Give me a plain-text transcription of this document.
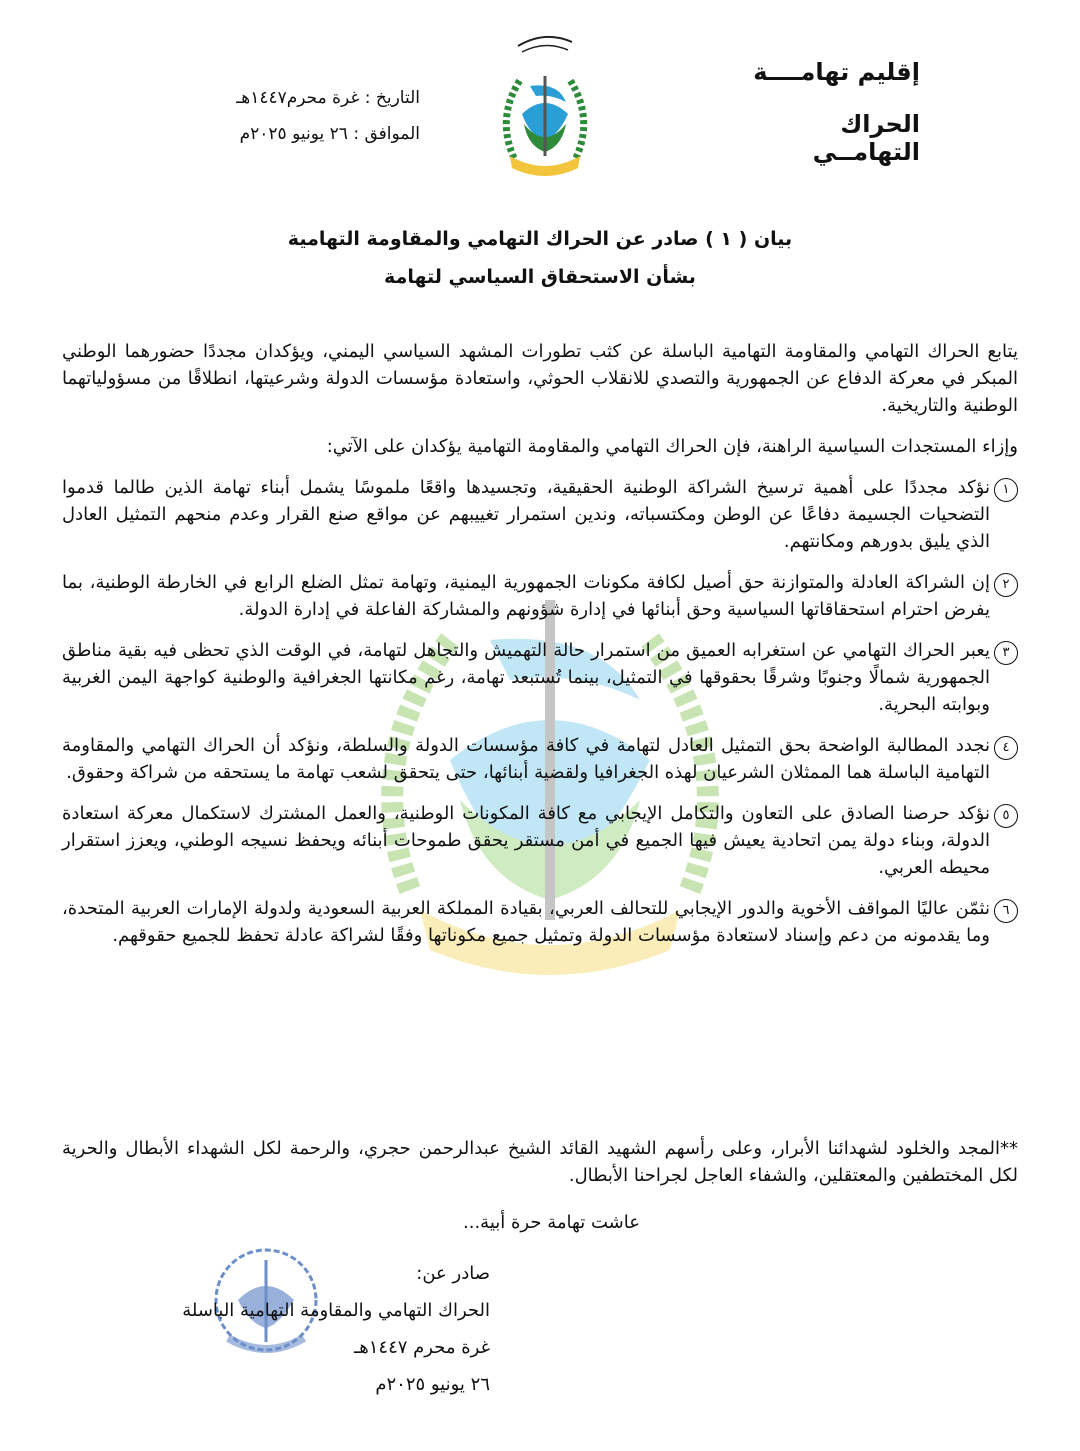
إقليم تهامــــة
الحراك التهامــي
التاريخ : غرة محرم١٤٤٧هـ
الموافق : ٢٦ يونيو ٢٠٢٥م
بيان ( ١ ) صادر عن الحراك التهامي والمقاومة التهامية
بشأن الاستحقاق السياسي لتهامة

يتابع الحراك التهامي والمقاومة التهامية الباسلة عن كثب تطورات المشهد السياسي اليمني، ويؤكدان مجددًا حضورهما الوطني المبكر في معركة الدفاع عن الجمهورية والتصدي للانقلاب الحوثي، واستعادة مؤسسات الدولة وشرعيتها، انطلاقًا من مسؤولياتهما الوطنية والتاريخية.

وإزاء المستجدات السياسية الراهنة، فإن الحراك التهامي والمقاومة التهامية يؤكدان على الآتي:

١
نؤكد مجددًا على أهمية ترسيخ الشراكة الوطنية الحقيقية، وتجسيدها واقعًا ملموسًا يشمل أبناء تهامة الذين طالما قدموا التضحيات الجسيمة دفاعًا عن الوطن ومكتسباته، وندين استمرار تغييبهم عن مواقع صنع القرار وعدم منحهم التمثيل العادل الذي يليق بدورهم ومكانتهم.
٢
إن الشراكة العادلة والمتوازنة حق أصيل لكافة مكونات الجمهورية اليمنية، وتهامة تمثل الضلع الرابع في الخارطة الوطنية، بما يفرض احترام استحقاقاتها السياسية وحق أبنائها في إدارة شؤونهم والمشاركة الفاعلة في إدارة الدولة.
٣
يعبر الحراك التهامي عن استغرابه العميق من استمرار حالة التهميش والتجاهل لتهامة، في الوقت الذي تحظى فيه بقية مناطق الجمهورية شمالًا وجنوبًا وشرقًا بحقوقها في التمثيل، بينما تُستبعد تهامة، رغم مكانتها الجغرافية والوطنية كواجهة اليمن الغربية وبوابته البحرية.
٤
نجدد المطالبة الواضحة بحق التمثيل العادل لتهامة في كافة مؤسسات الدولة والسلطة، ونؤكد أن الحراك التهامي والمقاومة التهامية الباسلة هما الممثلان الشرعيان لهذه الجغرافيا ولقضية أبنائها، حتى يتحقق لشعب تهامة ما يستحقه من شراكة وحقوق.
٥
نؤكد حرصنا الصادق على التعاون والتكامل الإيجابي مع كافة المكونات الوطنية، والعمل المشترك لاستكمال معركة استعادة الدولة، وبناء دولة يمن اتحادية يعيش فيها الجميع في أمن مستقر يحقق طموحات أبنائه ويحفظ نسيجه الوطني، ويعزز استقرار محيطه العربي.
٦
نثمّن عاليًا المواقف الأخوية والدور الإيجابي للتحالف العربي، بقيادة المملكة العربية السعودية ولدولة الإمارات العربية المتحدة، وما يقدمونه من دعم وإسناد لاستعادة مؤسسات الدولة وتمثيل جميع مكوناتها وفقًا لشراكة عادلة تحفظ للجميع حقوقهم.
**المجد والخلود لشهدائنا الأبرار، وعلى رأسهم الشهيد القائد الشيخ عبدالرحمن حجري، والرحمة لكل الشهداء الأبطال والحرية لكل المختطفين والمعتقلين، والشفاء العاجل لجراحنا الأبطال.
عاشت تهامة حرة أبية...
صادر عن:
الحراك التهامي والمقاومة التهامية الباسلة
غرة محرم ١٤٤٧هـ
٢٦ يونيو ٢٠٢٥م
